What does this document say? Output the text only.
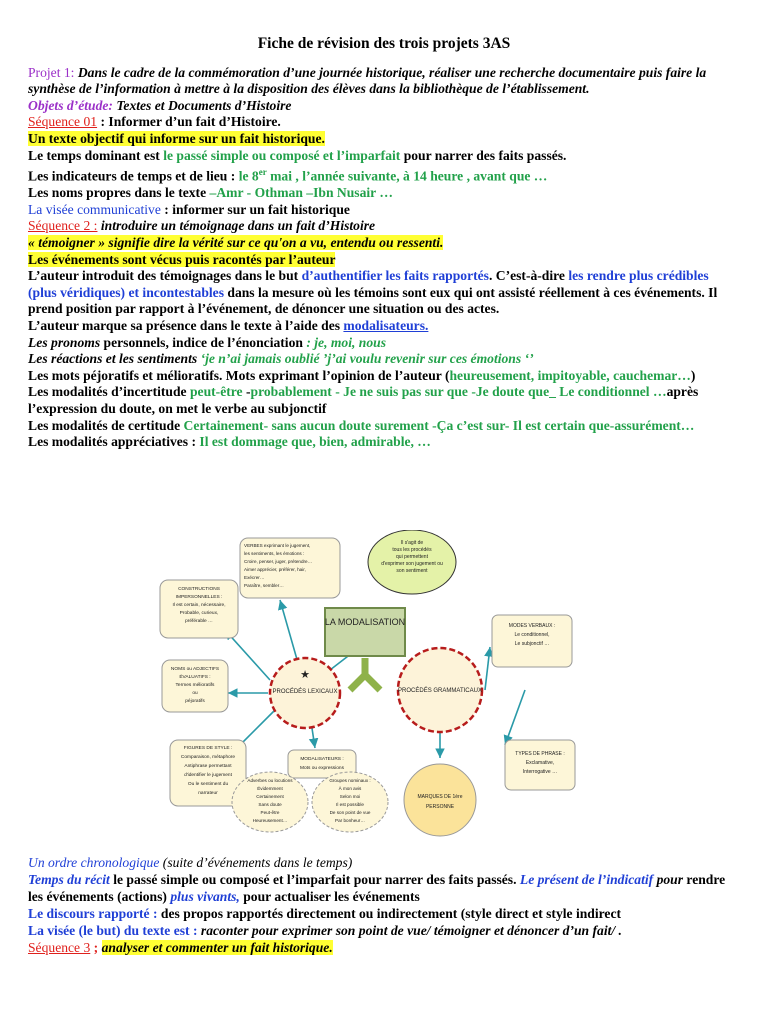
Fiche de révision des trois projets 3AS
Projet 1: Dans le cadre de la commémoration d’une journée historique, réaliser une recherche documentaire puis faire la synthèse de l’information à mettre à la disposition des élèves dans la bibliothèque de l’établissement.
Objets d’étude: Textes et Documents d’Histoire
Séquence 01 : Informer d’un fait d’Histoire.
Un texte objectif qui informe sur un fait historique.
Le temps dominant est le passé simple ou composé et l’imparfait pour narrer des faits passés.
Les indicateurs de temps et de lieu : le 8er mai , l’année suivante, à 14 heure , avant que …
Les noms propres dans le texte –Amr - Othman –Ibn Nusair …
La visée communicative : informer sur un fait historique
Séquence 2 : introduire un témoignage dans un fait d’Histoire
« témoigner » signifie dire la vérité sur ce qu'on a vu, entendu ou ressenti.
Les événements sont vécus puis racontés par l’auteur
L’auteur introduit des témoignages dans le but d’authentifier les faits rapportés. C’est-à-dire les rendre plus crédibles (plus véridiques) et incontestables dans la mesure où les témoins sont eux qui ont assisté réellement à ces événements. Il prend position par rapport à l’événement, de dénoncer une situation ou des actes.
L’auteur marque sa présence dans le texte à l’aide des modalisateurs.
Les pronoms personnels, indice de l’énonciation : je, moi, nous
Les réactions et les sentiments ‘je n’ai jamais oublié ’j’ai voulu revenir sur ces émotions ‘’
Les mots péjoratifs et mélioratifs. Mots exprimant l’opinion de l’auteur (heureusement, impitoyable, cauchemar…)
Les modalités d’incertitude peut-être -probablement - Je ne suis pas sur que -Je doute que_ Le conditionnel …après l’expression du doute, on met le verbe au subjonctif
Les modalités de certitude Certainement- sans aucun doute surement -Ça c’est sur- Il est certain que-assurément…
Les modalités appréciatives : Il est dommage que, bien, admirable, …
LA MODALISATION
★
PROCÉDÉS LEXICAUX	PROCÉDÉS GRAMMATICAUX
Il s'agit de
tous les procédés
qui permettent
d'exprimer son jugement ou
son sentiment
VERBES exprimant le jugement,
les sentiments, les émotions :
Croire, penser, juger, prétendre…
Aimer apprécier, préférer, hair,
Exécrer…
Paraître, sembler…
CONSTRUCTIONS
IMPERSONNELLES :
Il est certain, nécessaire,
Probable, curieux,
préférable …
NOMS ou ADJECTIFS
ÉVALUATIFS :
Termes mélioratifs
ou
péjoratifs
FIGURES DE STYLE :
Comparaison, métaphore
Antiphrase permettant
d'identifier le jugement
Ou le sentiment du
narrateur
MODALISATEURS :
Mots ou expressions
Adverbes ou locutions
Évidemment
Certainement
Sans doute
Peut-être
Heureusement…
Groupes nominaux :
À mon avis
Selon moi
Il est possible
De son point de vue
Par bonheur…
MODES VERBAUX :
Le conditionnel,
Le subjonctif …
TYPES DE PHRASE :
Exclamative,
Interrogative …
MARQUES DE 1ère
PERSONNE
Un ordre chronologique (suite d’événements dans le temps)
Temps du récit le passé simple ou composé et l’imparfait pour narrer des faits passés. Le présent de l’indicatif pour rendre les événements (actions) plus vivants, pour actualiser les événements
Le discours rapporté : des propos rapportés directement ou indirectement (style direct et style indirect
La visée (le but) du texte est : raconter pour exprimer son point de vue/ témoigner et dénoncer d’un fait/ .
Séquence 3 ; analyser et commenter un fait historique.
